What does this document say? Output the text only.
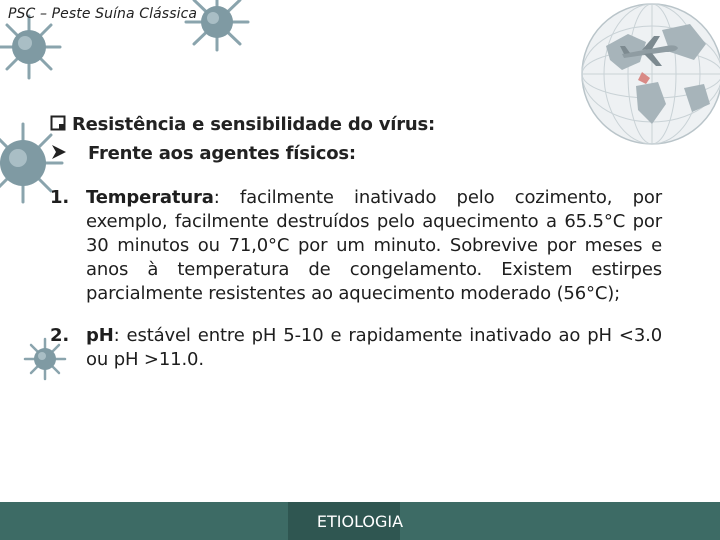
PSC – Peste Suína Clássica
Resistência e sensibilidade do vírus:
Frente aos agentes físicos:
1. Temperatura: facilmente inativado pelo cozimento, por exemplo, facilmente destruídos pelo aquecimento a 65.5°C por 30 minutos ou 71,0°C por um minuto. Sobrevive por meses e anos à temperatura de congelamento. Existem estirpes parcialmente resistentes ao aquecimento moderado (56°C);
2. pH: estável entre pH 5-10 e rapidamente inativado ao pH <3.0 ou pH >11.0.
ETIOLOGIA
